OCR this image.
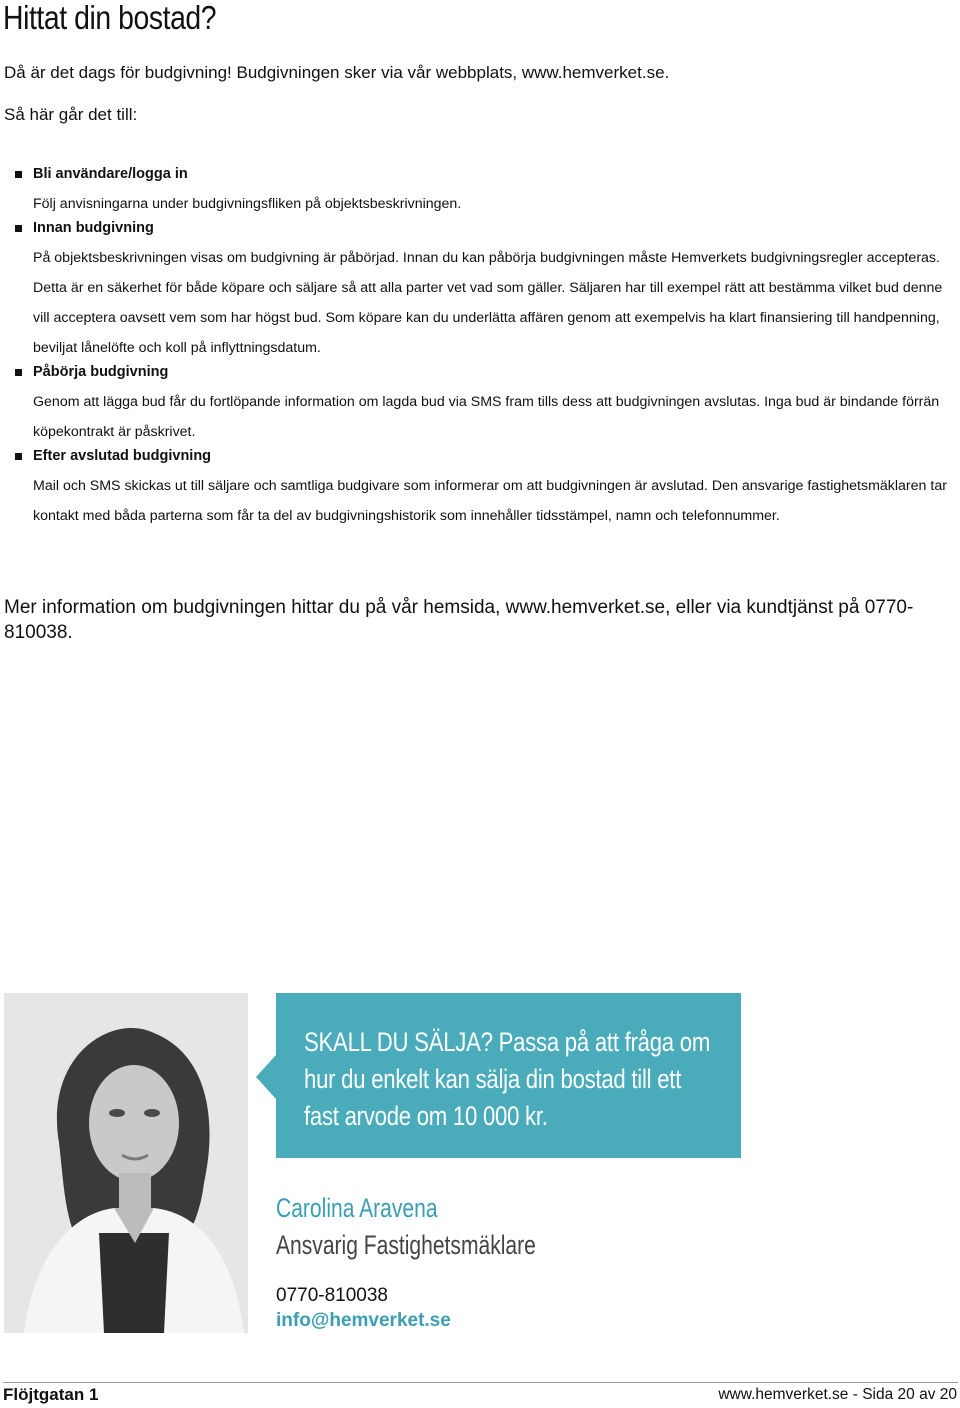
Hittat din bostad?

Då är det dags för budgivning! Budgivningen sker via vår webbplats, www.hemverket.se.

Så här går det till:

Bli användare/logga in

Följ anvisningarna under budgivningsfliken på objektsbeskrivningen.

Innan budgivning

På objektsbeskrivningen visas om budgivning är påbörjad. Innan du kan påbörja budgivningen måste Hemverkets budgivningsregler accepteras. Detta är en säkerhet för både köpare och säljare så att alla parter vet vad som gäller. Säljaren har till exempel rätt att bestämma vilket bud denne vill acceptera oavsett vem som har högst bud. Som köpare kan du underlätta affären genom att exempelvis ha klart finansiering till handpenning, beviljat lånelöfte och koll på inflyttningsdatum.

Påbörja budgivning

Genom att lägga bud får du fortlöpande information om lagda bud via SMS fram tills dess att budgivningen avslutas. Inga bud är bindande förrän köpekontrakt är påskrivet.

Efter avslutad budgivning

Mail och SMS skickas ut till säljare och samtliga budgivare som informerar om att budgivningen är avslutad. Den ansvarige fastighetsmäklaren tar kontakt med båda parterna som får ta del av budgivningshistorik som innehåller tidsstämpel, namn och telefonnummer.

Mer information om budgivningen hittar du på vår hemsida, www.hemverket.se, eller via kundtjänst på 0770-810038.

SKALL DU SÄLJA? Passa på att fråga om
hur du enkelt kan sälja din bostad till ett
fast arvode om 10 000 kr.

Carolina Aravena

Ansvarig Fastighetsmäklare

0770-810038

info@hemverket.se

Flöjtgatan 1	www.hemverket.se - Sida 20 av 20
